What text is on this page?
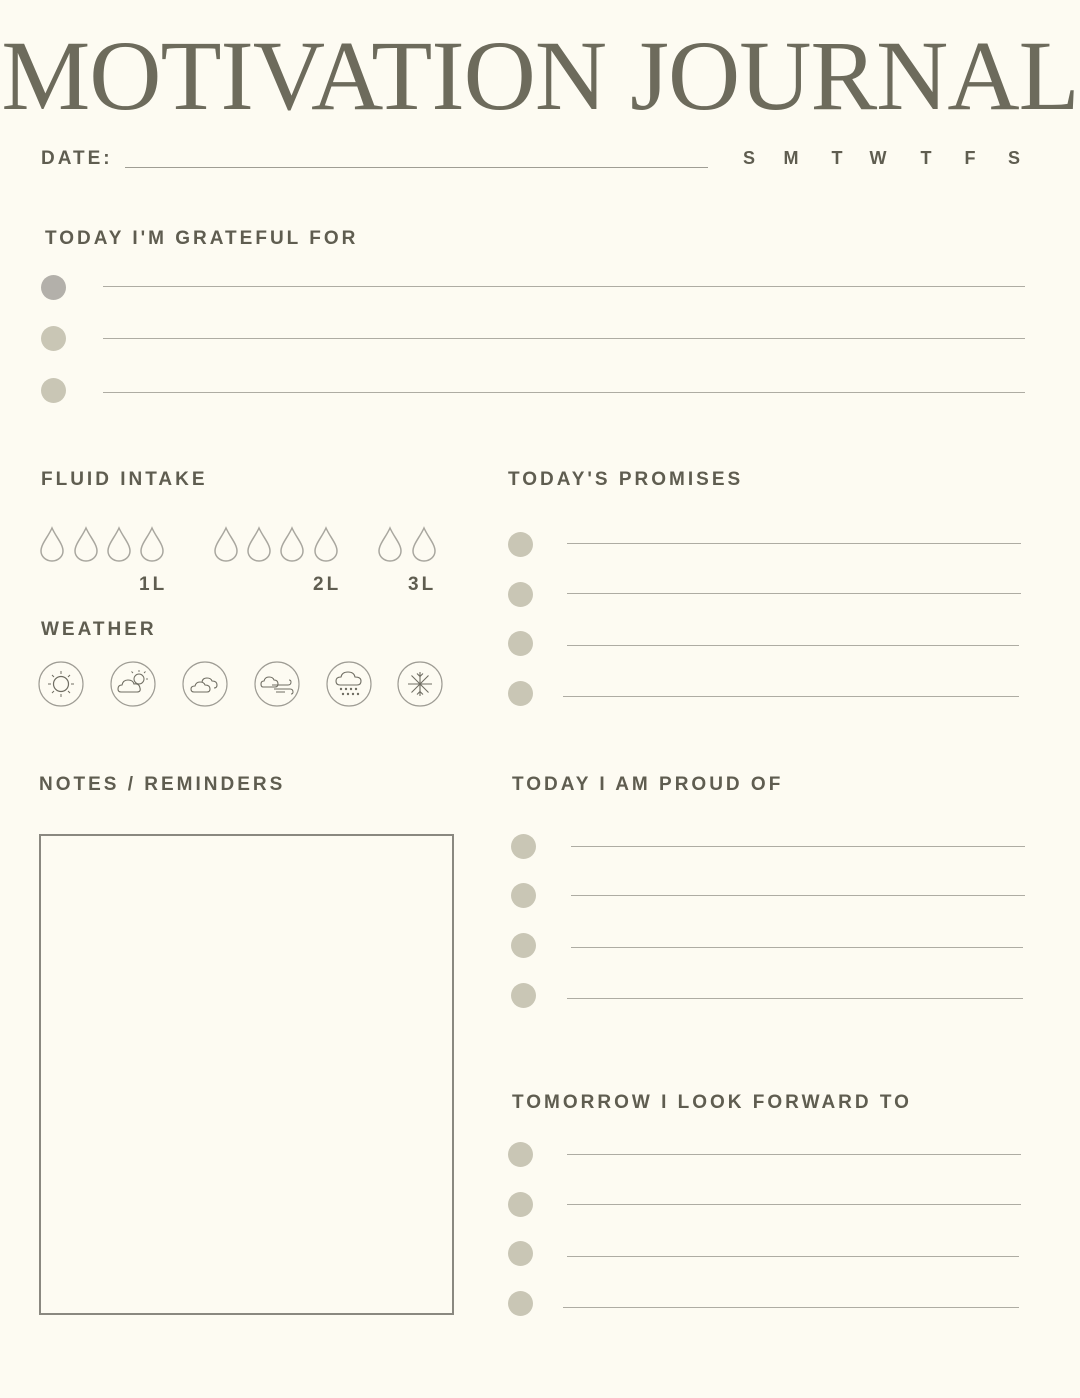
MOTIVATION JOURNAL
DATE:	S	M	T	W	T	F	S
TODAY I'M GRATEFUL FOR
FLUID INTAKE
1L	2L	3L
WEATHER
TODAY'S PROMISES
NOTES / REMINDERS	TODAY I AM PROUD OF
TOMORROW I LOOK FORWARD TO
